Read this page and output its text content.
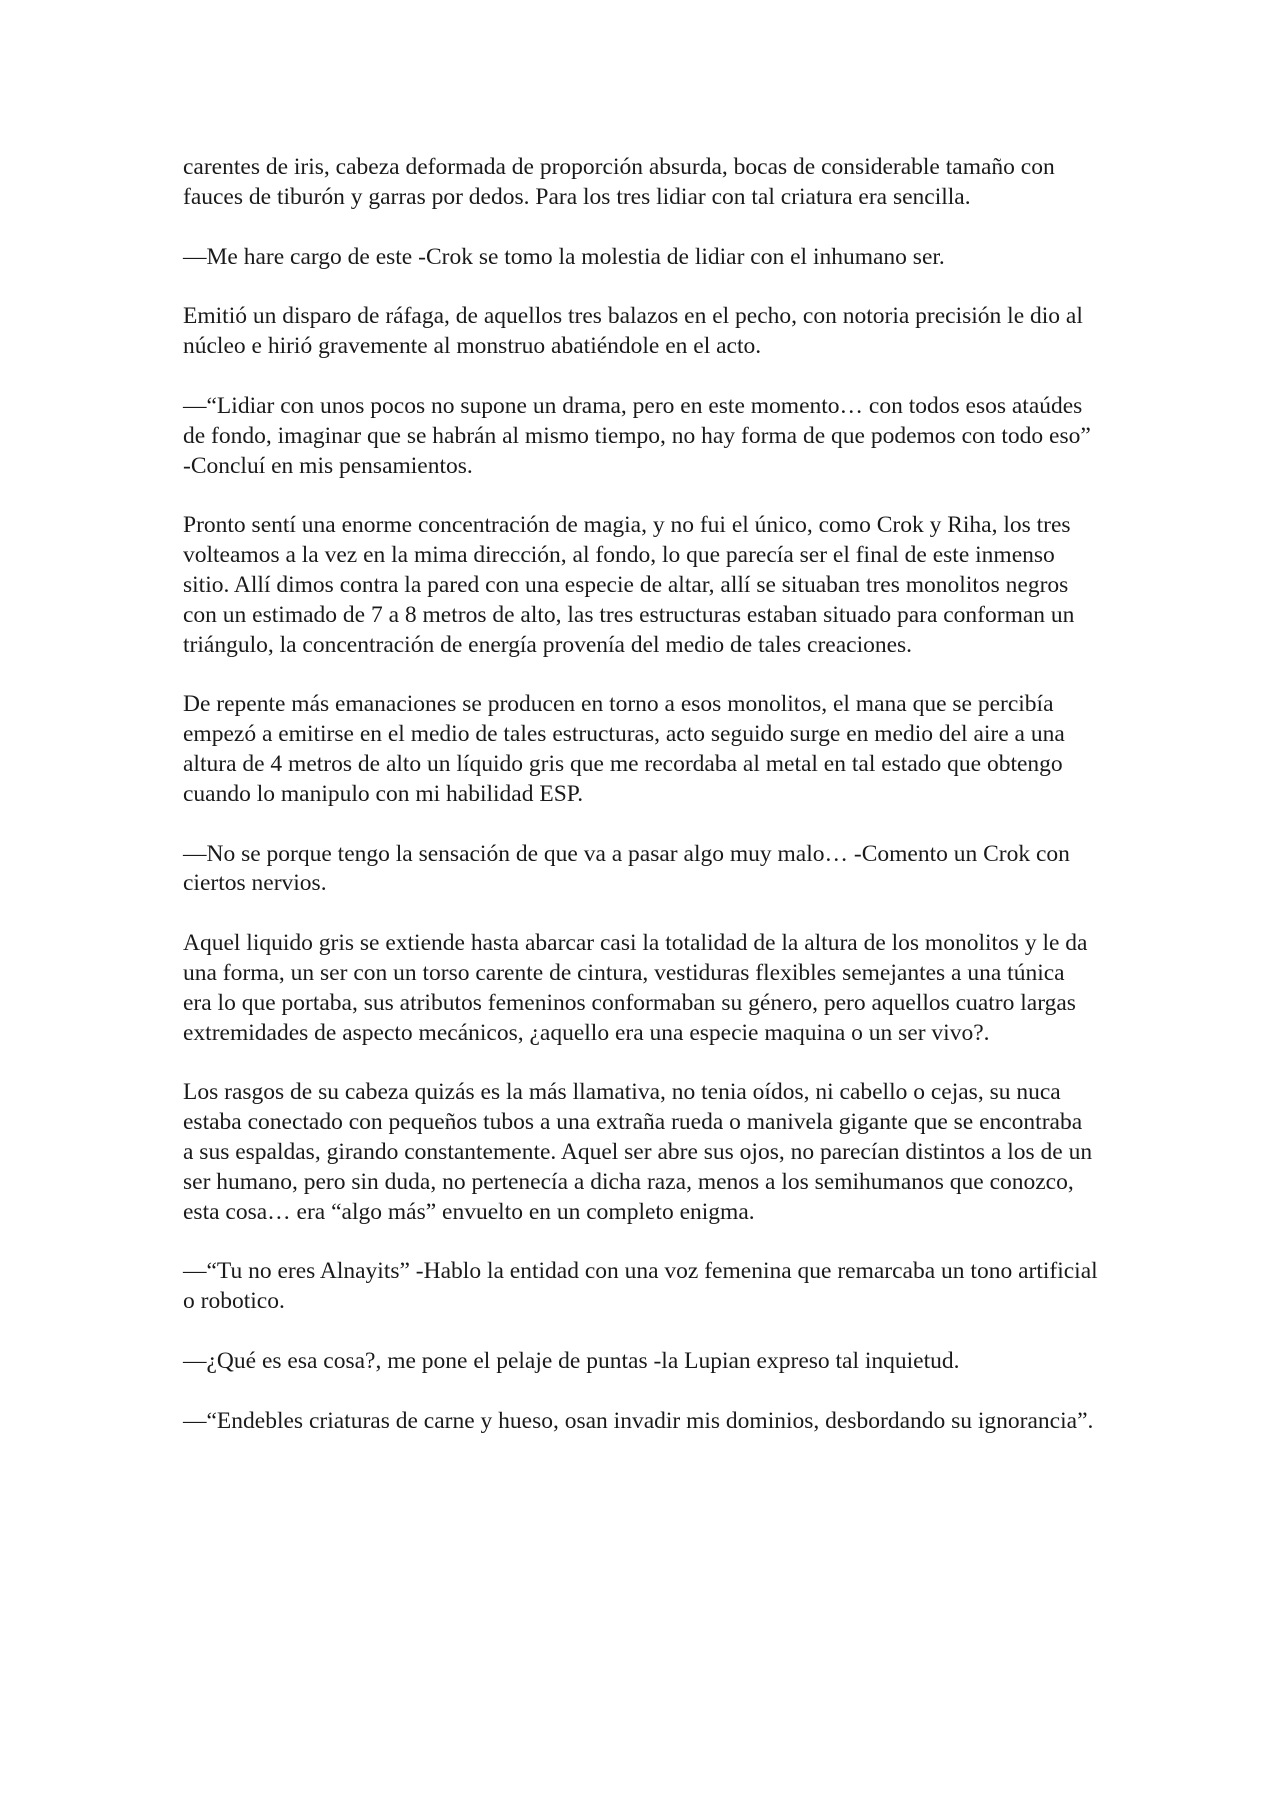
carentes de iris, cabeza deformada de proporción absurda, bocas de considerable tamaño con fauces de tiburón y garras por dedos. Para los tres lidiar con tal criatura era sencilla.

—Me hare cargo de este -Crok se tomo la molestia de lidiar con el inhumano ser.

Emitió un disparo de ráfaga, de aquellos tres balazos en el pecho, con notoria precisión le dio al núcleo e hirió gravemente al monstruo abatiéndole en el acto.

—“Lidiar con unos pocos no supone un drama, pero en este momento… con todos esos ataúdes de fondo, imaginar que se habrán al mismo tiempo, no hay forma de que podemos con todo eso” -Concluí en mis pensamientos.

Pronto sentí una enorme concentración de magia, y no fui el único, como Crok y Riha, los tres volteamos a la vez en la mima dirección, al fondo, lo que parecía ser el final de este inmenso sitio. Allí dimos contra la pared con una especie de altar, allí se situaban tres monolitos negros con un estimado de 7 a 8 metros de alto, las tres estructuras estaban situado para conforman un triángulo, la concentración de energía provenía del medio de tales creaciones.

De repente más emanaciones se producen en torno a esos monolitos, el mana que se percibía empezó a emitirse en el medio de tales estructuras, acto seguido surge en medio del aire a una altura de 4 metros de alto un líquido gris que me recordaba al metal en tal estado que obtengo cuando lo manipulo con mi habilidad ESP.

—No se porque tengo la sensación de que va a pasar algo muy malo… -Comento un Crok con ciertos nervios.

Aquel liquido gris se extiende hasta abarcar casi la totalidad de la altura de los monolitos y le da una forma, un ser con un torso carente de cintura, vestiduras flexibles semejantes a una túnica era lo que portaba, sus atributos femeninos conformaban su género, pero aquellos cuatro largas extremidades de aspecto mecánicos, ¿aquello era una especie maquina o un ser vivo?.

Los rasgos de su cabeza quizás es la más llamativa, no tenia oídos, ni cabello o cejas, su nuca estaba conectado con pequeños tubos a una extraña rueda o manivela gigante que se encontraba a sus espaldas, girando constantemente. Aquel ser abre sus ojos, no parecían distintos a los de un ser humano, pero sin duda, no pertenecía a dicha raza, menos a los semihumanos que conozco, esta cosa… era “algo más” envuelto en un completo enigma.

—“Tu no eres Alnayits” -Hablo la entidad con una voz femenina que remarcaba un tono artificial o robotico.

—¿Qué es esa cosa?, me pone el pelaje de puntas -la Lupian expreso tal inquietud.

—“Endebles criaturas de carne y hueso, osan invadir mis dominios, desbordando su ignorancia”.
